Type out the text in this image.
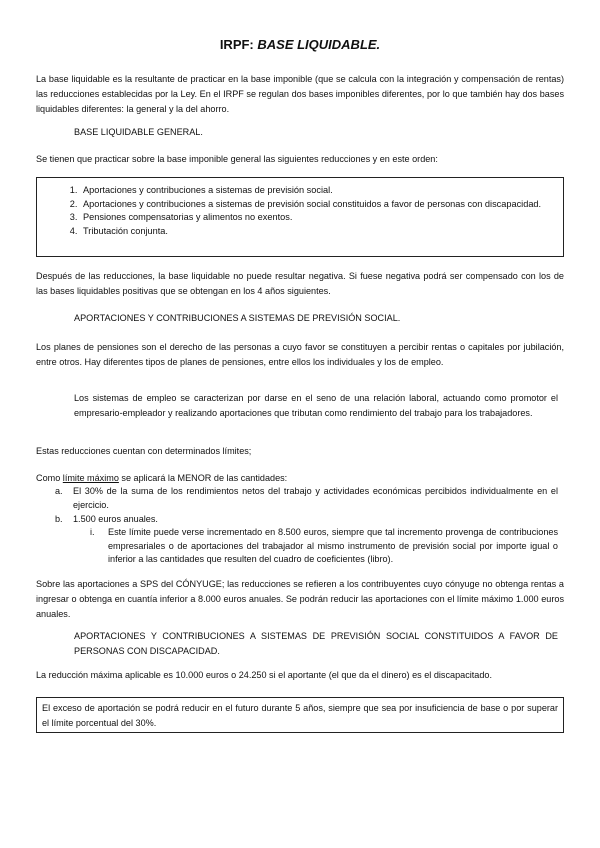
IRPF: BASE LIQUIDABLE.
La base liquidable es la resultante de practicar en la base imponible (que se calcula con la integración y compensación de rentas) las reducciones establecidas por la Ley. En el IRPF se regulan dos bases imponibles diferentes, por lo que también hay dos bases liquidables diferentes: la general y la del ahorro.
BASE LIQUIDABLE GENERAL.
Se tienen que practicar sobre la base imponible general las siguientes reducciones y en este orden:
1. Aportaciones y contribuciones a sistemas de previsión social.
2. Aportaciones y contribuciones a sistemas de previsión social constituidos a favor de personas con discapacidad.
3. Pensiones compensatorias y alimentos no exentos.
4. Tributación conjunta.
Después de las reducciones, la base liquidable no puede resultar negativa. Si fuese negativa podrá ser compensado con los de las bases liquidables positivas que se obtengan en los 4 años siguientes.
APORTACIONES Y CONTRIBUCIONES A SISTEMAS DE PREVISIÓN SOCIAL.
Los planes de pensiones son el derecho de las personas a cuyo favor se constituyen a percibir rentas o capitales por jubilación, entre otros. Hay diferentes tipos de planes de pensiones, entre ellos los individuales y los de empleo.
Los sistemas de empleo se caracterizan por darse en el seno de una relación laboral, actuando como promotor el empresario-empleador y realizando aportaciones que tributan como rendimiento del trabajo para los trabajadores.
Estas reducciones cuentan con determinados límites;
Como límite máximo se aplicará la MENOR de las cantidades:
a. El 30% de la suma de los rendimientos netos del trabajo y actividades económicas percibidos individualmente en el ejercicio.
b. 1.500 euros anuales.
i. Este límite puede verse incrementado en 8.500 euros, siempre que tal incremento provenga de contribuciones empresariales o de aportaciones del trabajador al mismo instrumento de previsión social por importe igual o inferior a las cantidades que resulten del cuadro de coeficientes (libro).
Sobre las aportaciones a SPS del CÓNYUGE; las reducciones se refieren a los contribuyentes cuyo cónyuge no obtenga rentas a ingresar o obtenga en cuantía inferior a 8.000 euros anuales. Se podrán reducir las aportaciones con el límite máximo 1.000 euros anuales.
APORTACIONES Y CONTRIBUCIONES A SISTEMAS DE PREVISIÓN SOCIAL CONSTITUIDOS A FAVOR DE PERSONAS CON DISCAPACIDAD.
La reducción máxima aplicable es 10.000 euros o 24.250 si el aportante (el que da el dinero) es el discapacitado.
El exceso de aportación se podrá reducir en el futuro durante 5 años, siempre que sea por insuficiencia de base o por superar el límite porcentual del 30%.
